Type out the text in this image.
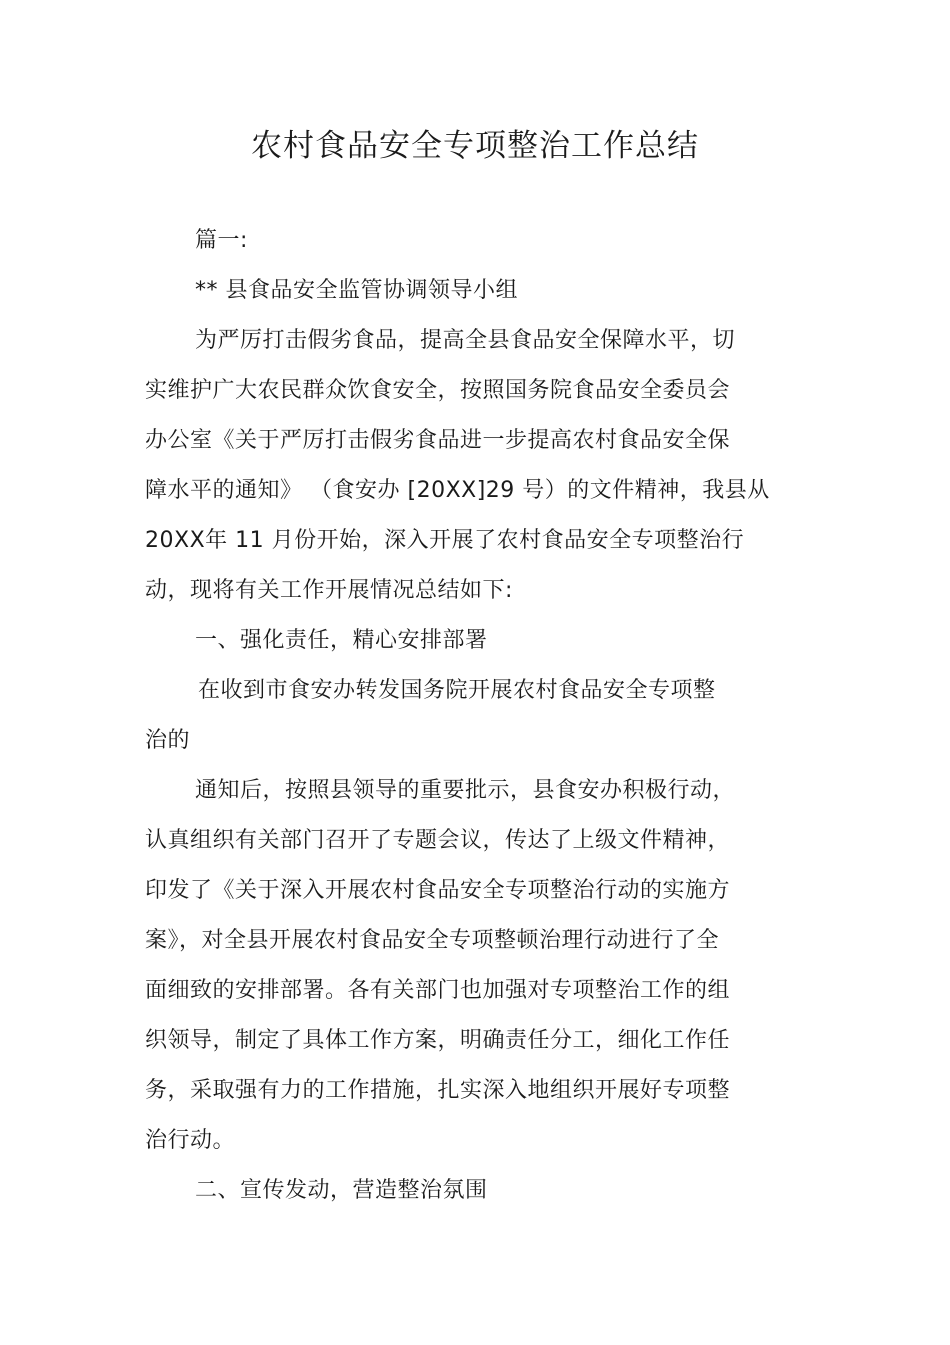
农村食品安全专项整治工作总结
篇一:
** 县食品安全监管协调领导小组
为严厉打击假劣食品，提高全县食品安全保障水平，切
实维护广大农民群众饮食安全，按照国务院食品安全委员会
办公室《关于严厉打击假劣食品进一步提高农村食品安全保
障水平的通知》 （食安办 [20XX]29 号）的文件精神，我县从
20XX年 11 月份开始，深入开展了农村食品安全专项整治行
动，现将有关工作开展情况总结如下:
一、强化责任，精心安排部署
在收到市食安办转发国务院开展农村食品安全专项整
治的
通知后，按照县领导的重要批示，县食安办积极行动，
认真组织有关部门召开了专题会议，传达了上级文件精神，
印发了《关于深入开展农村食品安全专项整治行动的实施方
案》，对全县开展农村食品安全专项整顿治理行动进行了全
面细致的安排部署。各有关部门也加强对专项整治工作的组
织领导，制定了具体工作方案，明确责任分工，细化工作任
务，采取强有力的工作措施，扎实深入地组织开展好专项整
治行动。
二、宣传发动，营造整治氛围
